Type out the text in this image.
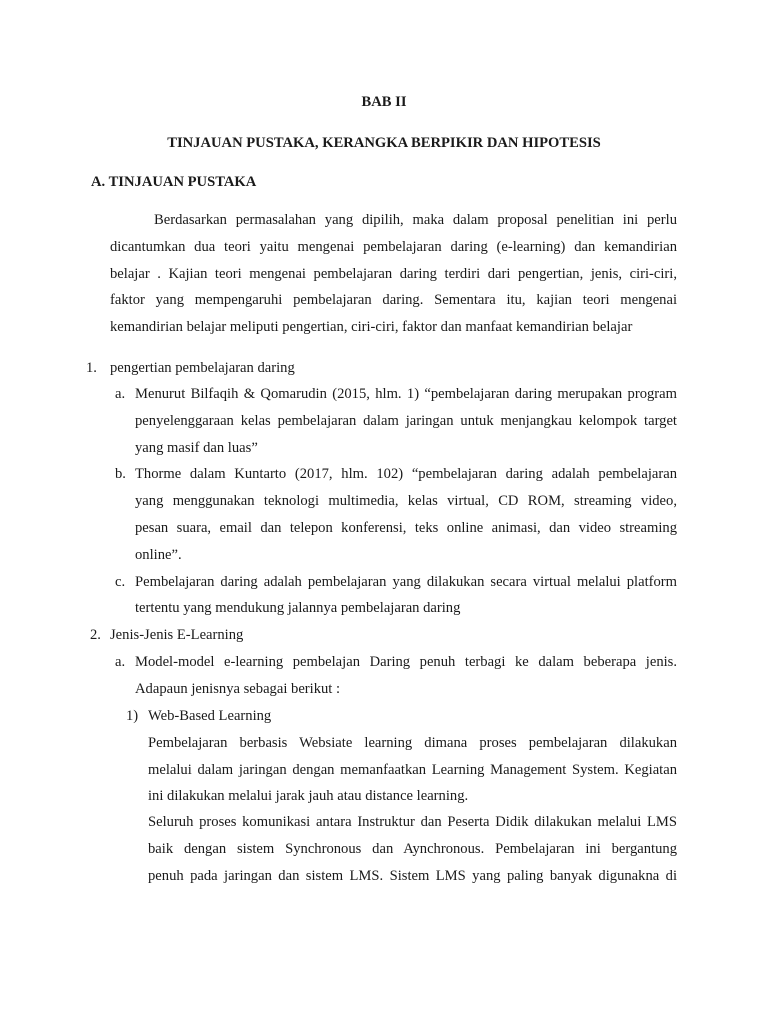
BAB II
TINJAUAN PUSTAKA, KERANGKA BERPIKIR DAN HIPOTESIS
A. TINJAUAN PUSTAKA
Berdasarkan permasalahan yang dipilih, maka dalam proposal penelitian ini perlu
dicantumkan dua teori yaitu mengenai pembelajaran daring (e-learning) dan kemandirian
belajar . Kajian teori mengenai pembelajaran daring terdiri dari pengertian, jenis, ciri-ciri,
faktor yang mempengaruhi pembelajaran daring. Sementara itu, kajian teori mengenai
kemandirian belajar meliputi pengertian, ciri-ciri, faktor dan manfaat kemandirian belajar
1. pengertian pembelajaran daring
a. Menurut Bilfaqih & Qomarudin (2015, hlm. 1) “pembelajaran daring merupakan program
penyelenggaraan kelas pembelajaran dalam jaringan untuk menjangkau kelompok target
yang masif dan luas”
b. Thorme dalam Kuntarto (2017, hlm. 102) “pembelajaran daring adalah pembelajaran
yang menggunakan teknologi multimedia, kelas virtual, CD ROM, streaming video,
pesan suara, email dan telepon konferensi, teks online animasi, dan video streaming
online”.
c. Pembelajaran daring adalah pembelajaran yang dilakukan secara virtual melalui platform
tertentu yang mendukung jalannya pembelajaran daring
2. Jenis-Jenis E-Learning
a. Model-model e-learning pembelajan Daring penuh terbagi ke dalam beberapa jenis.
Adapaun jenisnya sebagai berikut :
1) Web-Based Learning
Pembelajaran berbasis Websiate learning dimana proses pembelajaran dilakukan
melalui dalam jaringan dengan memanfaatkan Learning Management System. Kegiatan
ini dilakukan melalui jarak jauh atau distance learning.
Seluruh proses komunikasi antara Instruktur dan Peserta Didik dilakukan melalui LMS
baik dengan sistem Synchronous dan Aynchronous. Pembelajaran ini bergantung
penuh pada jaringan dan sistem LMS. Sistem LMS yang paling banyak digunakna di
